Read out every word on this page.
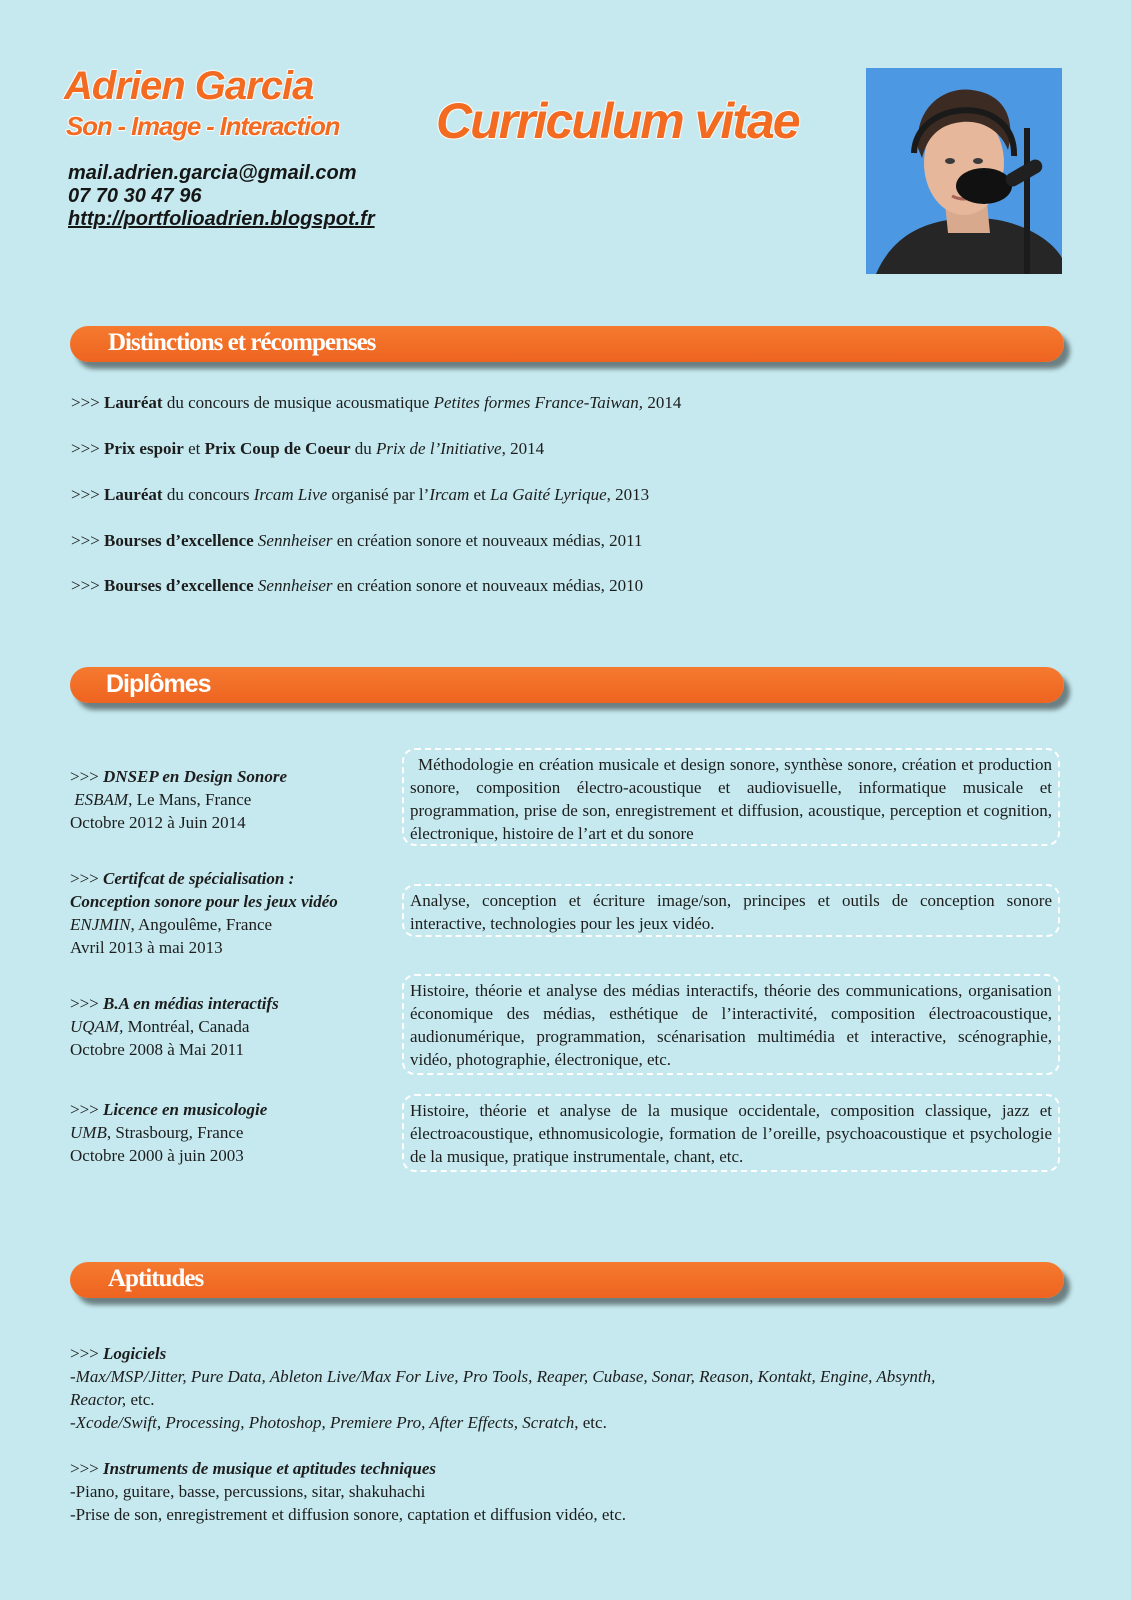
Adrien Garcia
Son - Image - Interaction Curriculum vitae
mail.adrien.garcia@gmail.com
07 70 30 47 96
http://portfolioadrien.blogspot.fr
Distinctions et récompenses
>>> Lauréat du concours de musique acousmatique Petites formes France-Taiwan, 2014
>>> Prix espoir et Prix Coup de Coeur du Prix de l’Initiative, 2014
>>> Lauréat du concours Ircam Live organisé par l’Ircam et La Gaité Lyrique, 2013
>>> Bourses d’excellence Sennheiser en création sonore et nouveaux médias, 2011
>>> Bourses d’excellence Sennheiser en création sonore et nouveaux médias, 2010
Diplômes
>>> DNSEP en Design Sonore
ESBAM, Le Mans, France
Octobre 2012 à Juin 2014
Méthodologie en création musicale et design sonore, synthèse sonore, création et production sonore, composition électro-acoustique et audiovisuelle, informatique musicale et programmation, prise de son, enregistrement et diffusion, acoustique, perception et cognition, électronique, histoire de l’art et du sonore
>>> Certifcat de spécialisation :
Conception sonore pour les jeux vidéo
ENJMIN, Angoulême, France
Avril 2013 à mai 2013
Analyse, conception et écriture image/son, principes et outils de conception sonore interactive, technologies pour les jeux vidéo.
>>> B.A en médias interactifs
UQAM, Montréal, Canada
Octobre 2008 à Mai 2011
Histoire, théorie et analyse des médias interactifs, théorie des communications, organisation économique des médias, esthétique de l’interactivité, composition électroacoustique, audionumérique, programmation, scénarisation multimédia et interactive, scénographie, vidéo, photographie, électronique, etc.
>>> Licence en musicologie
UMB, Strasbourg, France
Octobre 2000 à juin 2003
Histoire, théorie et analyse de la musique occidentale, composition classique, jazz et électroacoustique, ethnomusicologie, formation de l’oreille, psychoacoustique et psychologie de la musique, pratique instrumentale, chant, etc.
Aptitudes
>>> Logiciels
-Max/MSP/Jitter, Pure Data, Ableton Live/Max For Live, Pro Tools, Reaper, Cubase, Sonar, Reason, Kontakt, Engine, Absynth,
Reactor, etc.
-Xcode/Swift, Processing, Photoshop, Premiere Pro, After Effects, Scratch, etc.

>>> Instruments de musique et aptitudes techniques
-Piano, guitare, basse, percussions, sitar, shakuhachi
-Prise de son, enregistrement et diffusion sonore, captation et diffusion vidéo, etc.
